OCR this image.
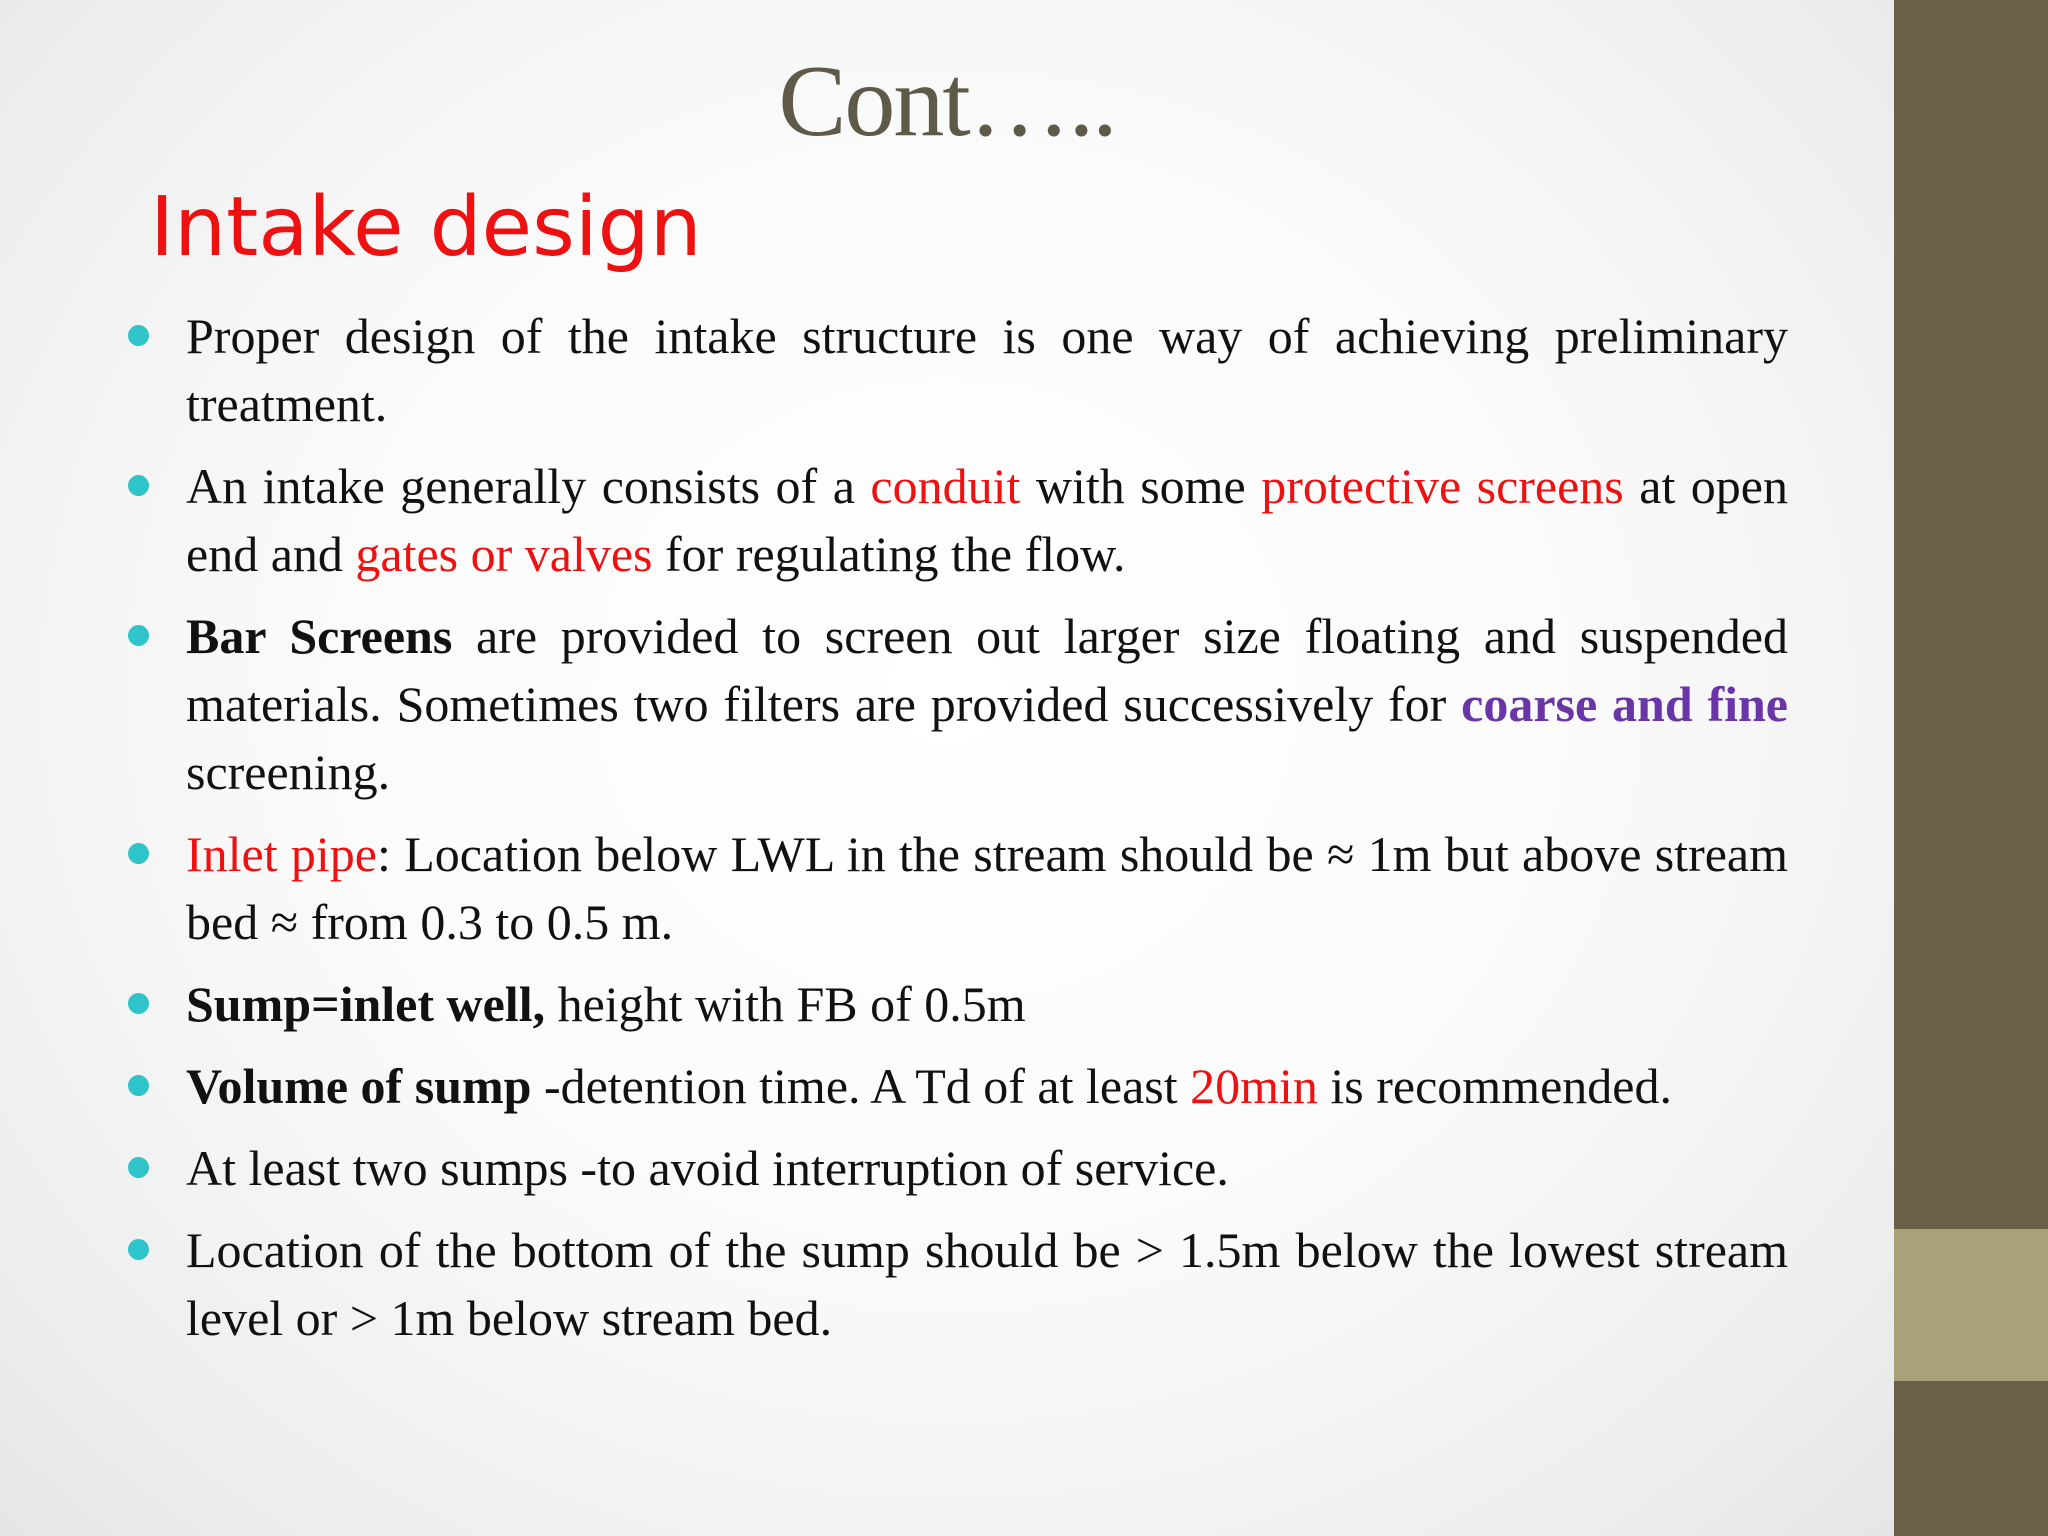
Cont…..
Intake design
Proper design of the intake structure is one way of achieving preliminary treatment.
An intake generally consists of a conduit with some protective screens at open end and gates or valves for regulating the flow.
Bar Screens are provided to screen out larger size floating and suspended materials. Sometimes two filters are provided successively for coarse and fine screening.
Inlet pipe: Location below LWL in the stream should be ≈ 1m but above stream bed ≈ from 0.3 to 0.5 m.
Sump=inlet well, height with FB of 0.5m
Volume of sump -detention time. A Td of at least 20min is recommended.
At least two sumps -to avoid interruption of service.
Location of the bottom of the sump should be > 1.5m below the lowest stream level or > 1m below stream bed.
